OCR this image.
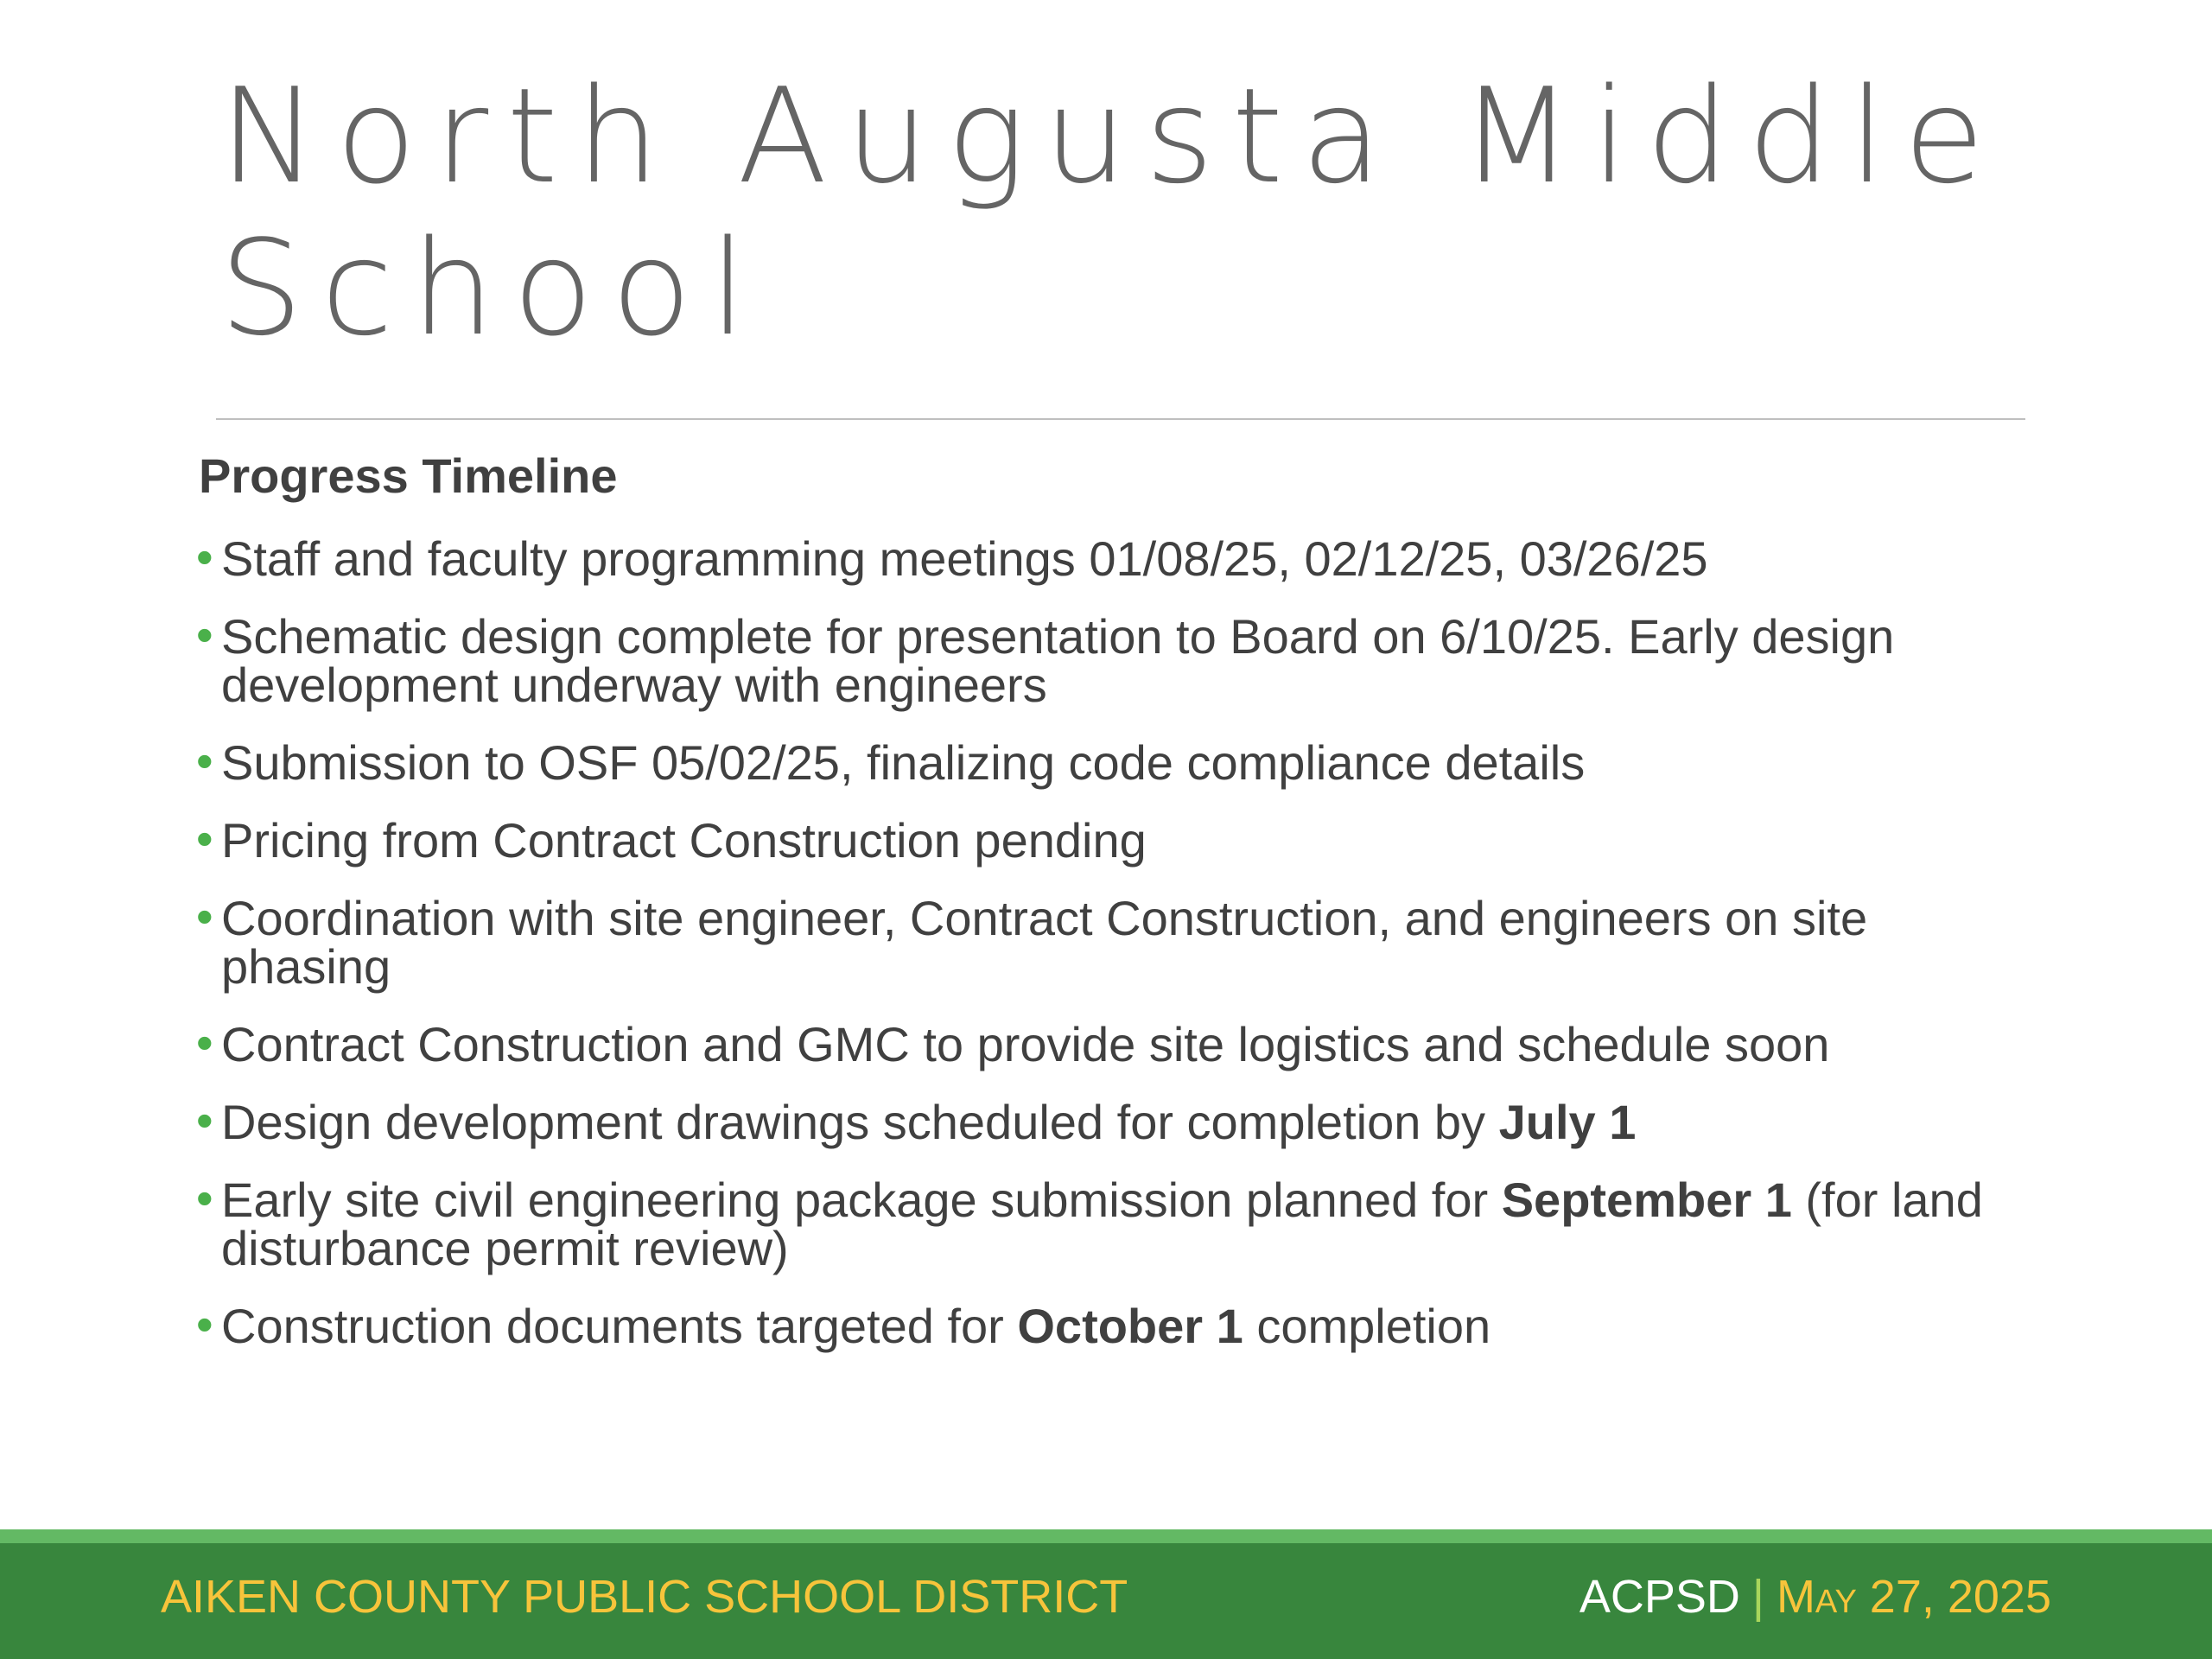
North Augusta Middle School
Progress Timeline
• Staff and faculty programming meetings 01/08/25, 02/12/25, 03/26/25
• Schematic design complete for presentation to Board on 6/10/25. Early design development underway with engineers
• Submission to OSF 05/02/25, finalizing code compliance details
• Pricing from Contract Construction pending
• Coordination with site engineer, Contract Construction, and engineers on site phasing
• Contract Construction and GMC to provide site logistics and schedule soon
• Design development drawings scheduled for completion by July 1
• Early site civil engineering package submission planned for September 1 (for land disturbance permit review)
• Construction documents targeted for October 1 completion
AIKEN COUNTY PUBLIC SCHOOL DISTRICT	ACPSD | May 27, 2025
